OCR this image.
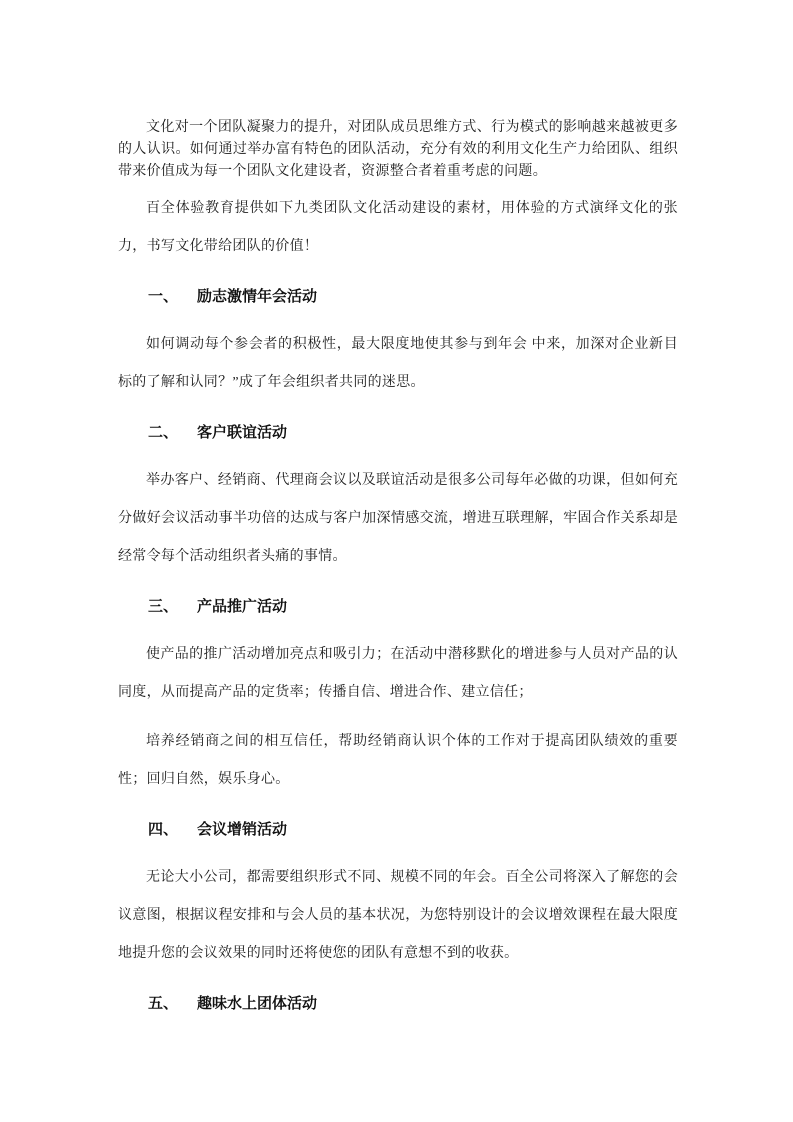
文化对一个团队凝聚力的提升，对团队成员思维方式、行为模式的影响越来越被更多的人认识。如何通过举办富有特色的团队活动，充分有效的利用文化生产力给团队、组织带来价值成为每一个团队文化建设者，资源整合者着重考虑的问题。

百全体验教育提供如下九类团队文化活动建设的素材，用体验的方式演绎文化的张力，书写文化带给团队的价值！

一、 励志激情年会活动

如何调动每个参会者的积极性，最大限度地使其参与到年会 中来，加深对企业新目标的了解和认同？”成了年会组织者共同的迷思。

二、 客户联谊活动

举办客户、经销商、代理商会议以及联谊活动是很多公司每年必做的功课，但如何充分做好会议活动事半功倍的达成与客户加深情感交流，增进互联理解，牢固合作关系却是经常令每个活动组织者头痛的事情。

三、 产品推广活动

使产品的推广活动增加亮点和吸引力；在活动中潜移默化的增进参与人员对产品的认同度，从而提高产品的定货率；传播自信、增进合作、建立信任；

培养经销商之间的相互信任，帮助经销商认识个体的工作对于提高团队绩效的重要性；回归自然，娱乐身心。

四、 会议增销活动

无论大小公司，都需要组织形式不同、规模不同的年会。百全公司将深入了解您的会议意图，根据议程安排和与会人员的基本状况，为您特别设计的会议增效课程在最大限度地提升您的会议效果的同时还将使您的团队有意想不到的收获。

五、 趣味水上团体活动
